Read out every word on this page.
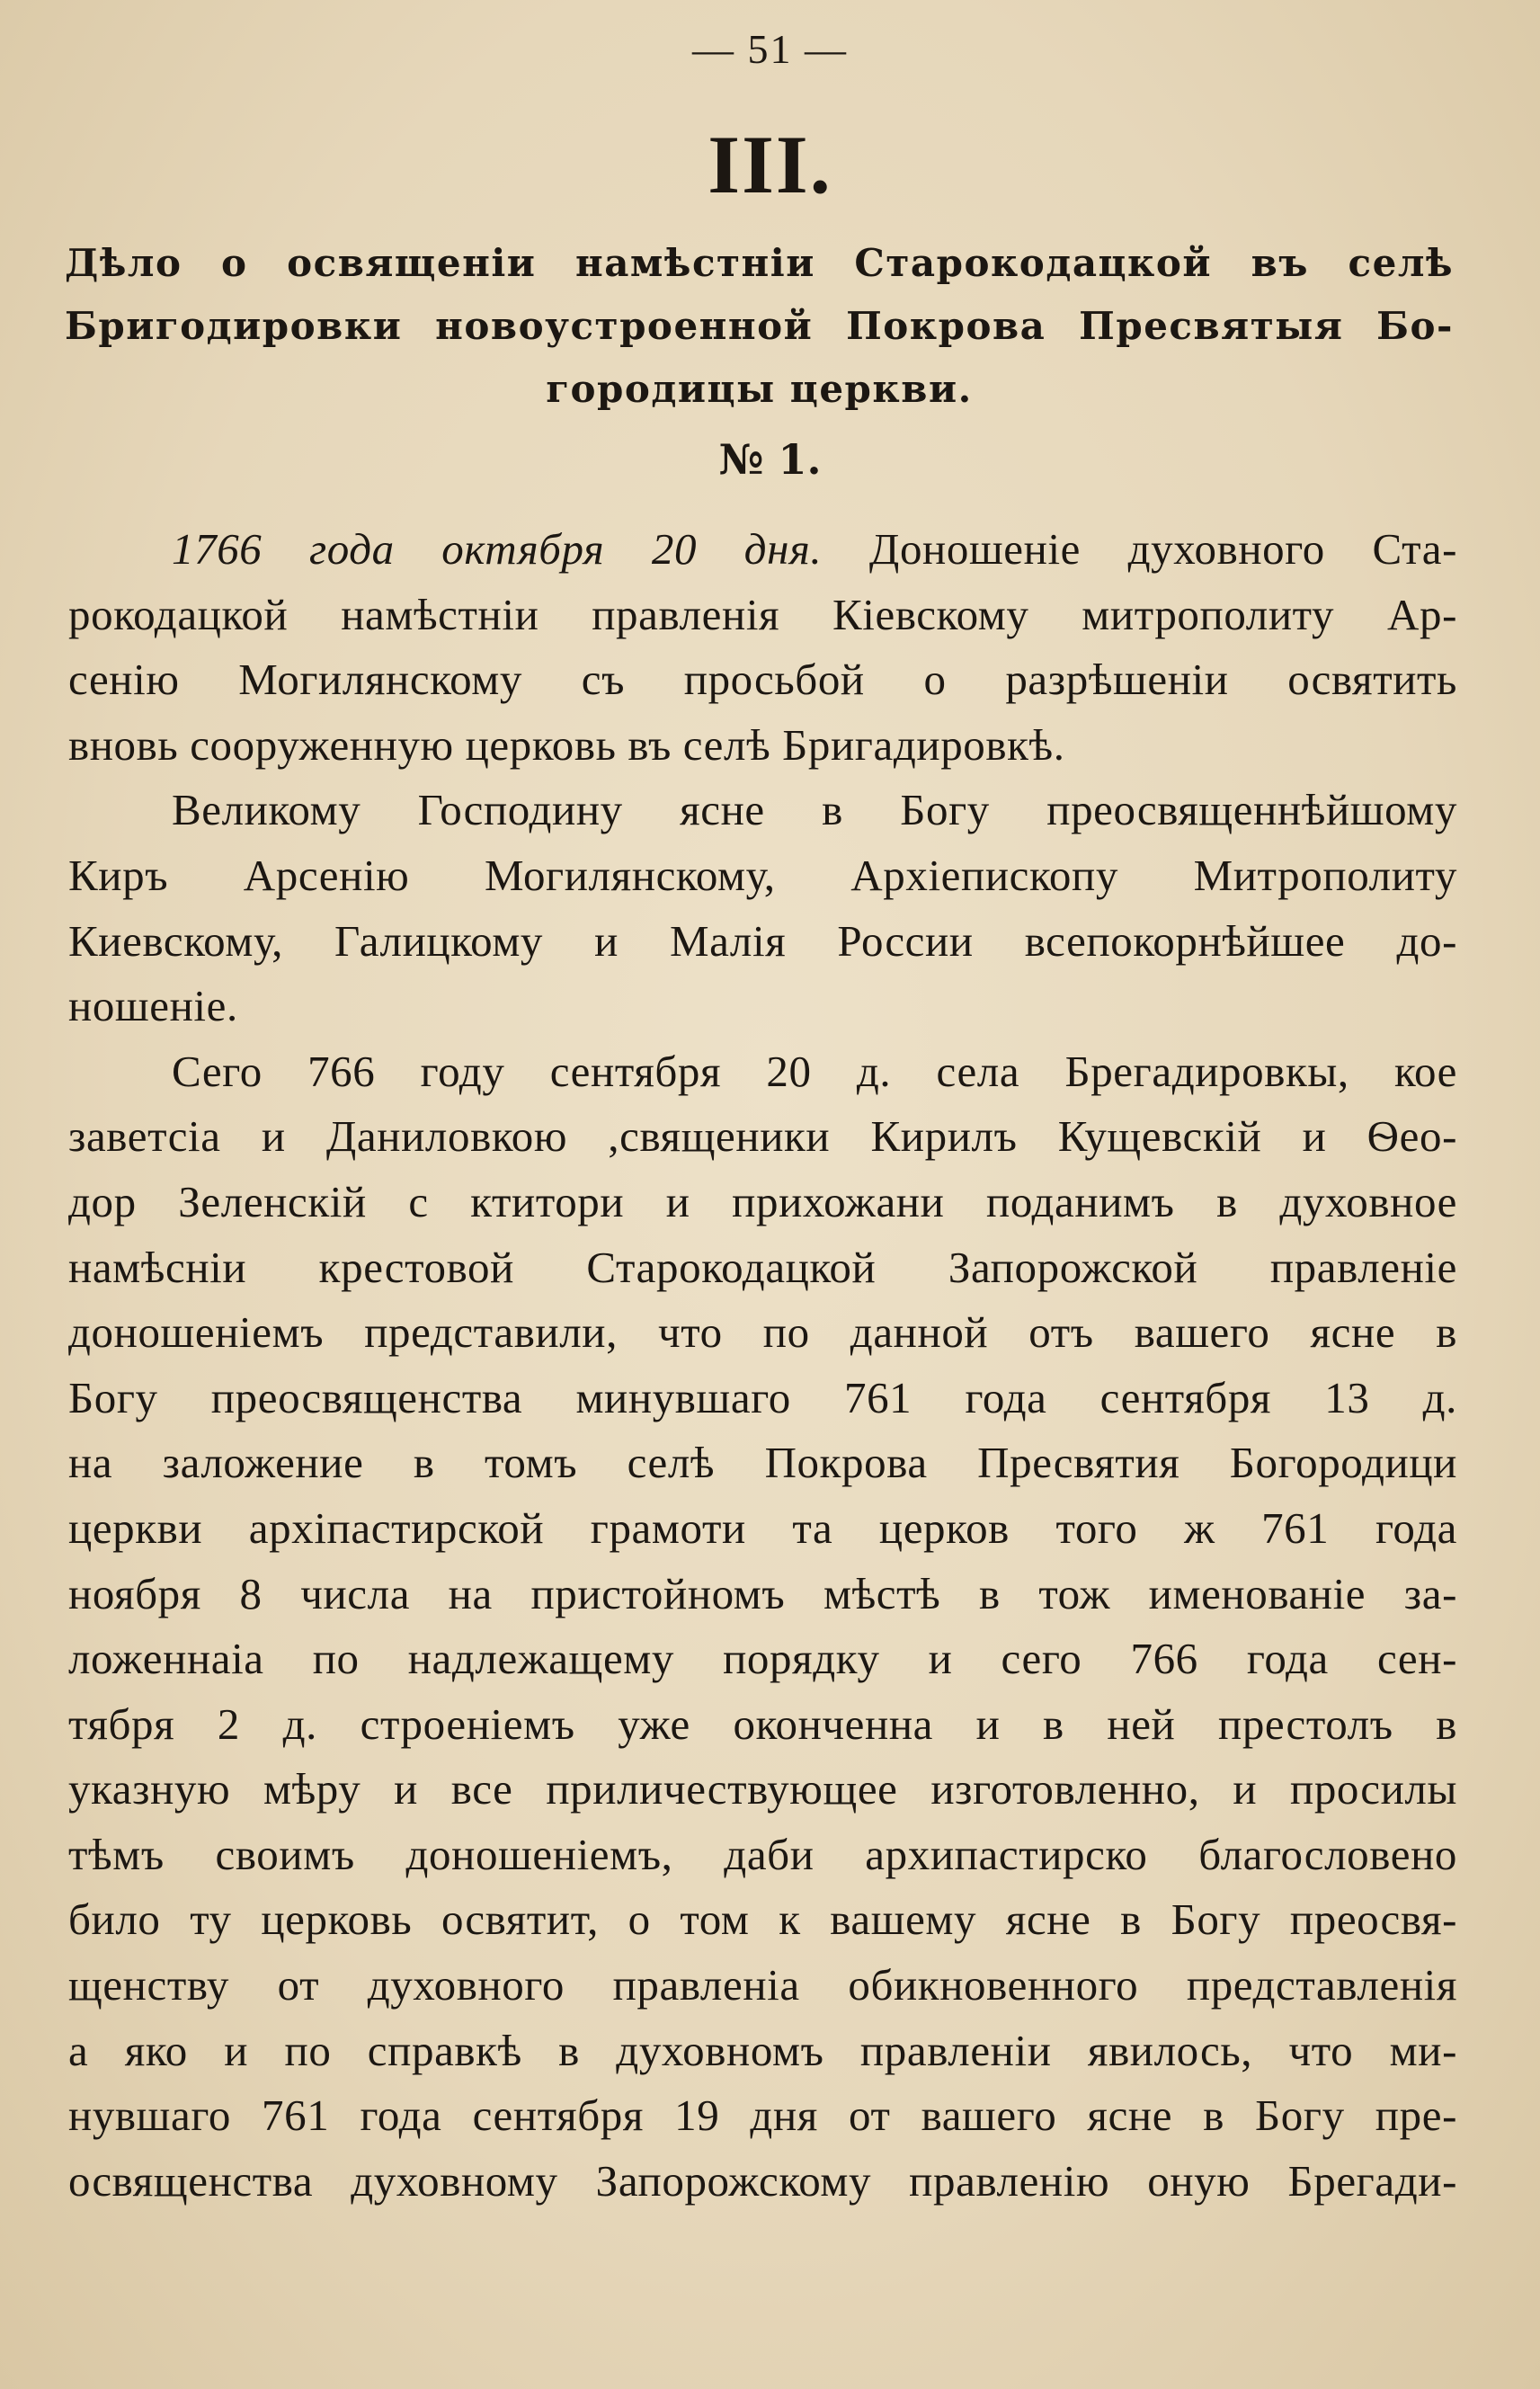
— 51 —
III.
Дѣло о освященіи намѣстніи Старокодацкой въ селѣ
Бригодировки новоустроенной Покрова Пресвятыя Бо-
городицы церкви.
№ 1.
1766 года октября 20 дня. Доношеніе духовного Ста-
рокодацкой намѣстніи правленія Кіевскому митрополиту Ар-
сенію Могилянскому съ просьбой о разрѣшеніи освятить
вновь сооруженную церковь въ селѣ Бригадировкѣ.
Великому Господину ясне в Богу преосвященнѣйшому
Киръ Арсенію Могилянскому, Архіепископу Митрополиту
Киевскому, Галицкому и Малія России всепокорнѣйшее до-
ношеніе.
Сего 766 году сентября 20 д. села Брегадировкы, кое
заветсіа и Даниловкою ,свящeники Кирилъ Кущевскій и Ѳео-
дор Зеленскій с ктитори и прихожани поданимъ в духовное
намѣсніи крестовой Старокодацкой Запорожской правленіе
доношеніемъ представили, что по данной отъ вашего ясне в
Богу преосвященства минувшаго 761 года сентября 13 д.
на заложение в томъ селѣ Покрова Пресвятия Богородици
церкви архіпастирской грамоти та церков того ж 761 года
ноября 8 числа на пристойномъ мѣстѣ в тож именованіе за-
ложеннаіа по надлежащему порядку и сего 766 года сен-
тября 2 д. строеніемъ уже оконченна и в ней престолъ в
указную мѣру и все приличествующее изготовленно, и просилы
тѣмъ своимъ доношеніемъ, даби архипастирско благословено
било ту церковь освятит, о том к вашему ясне в Богу преосвя-
щенству от духовного правленіа обикновенного представленія
а яко и по справкѣ в духовномъ правленіи явилось, что ми-
нувшаго 761 года сентября 19 дня от вашего ясне в Богу пре-
освященства духовному Запорожскому правленію оную Брегади-
